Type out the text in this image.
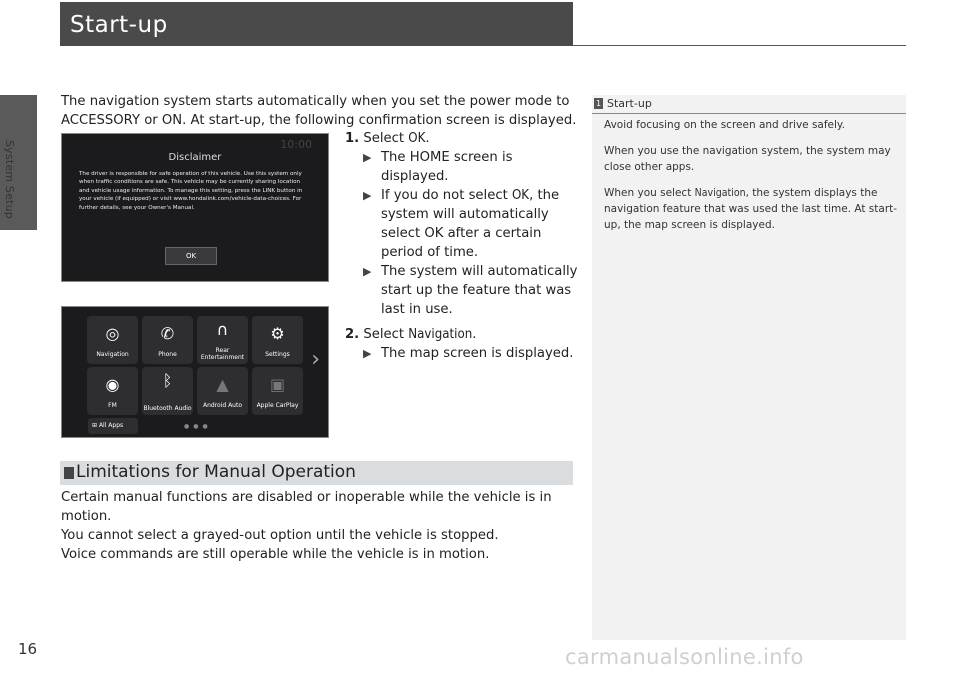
System Setup
16
Start-up
The navigation system starts automatically when you set the power mode to ACCESSORY or ON. At start-up, the following confirmation screen is displayed.
10:00
Disclaimer
The driver is responsible for safe operation of this vehicle. Use this system only when traffic conditions are safe. This vehicle may be currently sharing location and vehicle usage information. To manage this setting, press the LINK button in your vehicle (if equipped) or visit www.hondalink.com/vehicle-data-choices. For further details, see your Owner's Manual.
OK
◎
Navigation
✆
Phone
∩
Rear Entertainment
⚙
Settings
◉
FM
ᛒ
Bluetooth Audio
▲
Android Auto
▣
Apple CarPlay
›
⊞ All Apps	●●●
1. Select OK.
▶ The HOME screen is displayed.
▶ If you do not select OK, the system will automatically select OK after a certain period of time.
▶ The system will automatically start up the feature that was last in use.
2. Select Navigation.
▶ The map screen is displayed.
Limitations for Manual Operation
Certain manual functions are disabled or inoperable while the vehicle is in motion.
You cannot select a grayed-out option until the vehicle is stopped.
Voice commands are still operable while the vehicle is in motion.
1 Start-up

Avoid focusing on the screen and drive safely.

When you use the navigation system, the system may close other apps.

When you select Navigation, the system displays the navigation feature that was used the last time. At start-up, the map screen is displayed.

carmanualsonline.info
